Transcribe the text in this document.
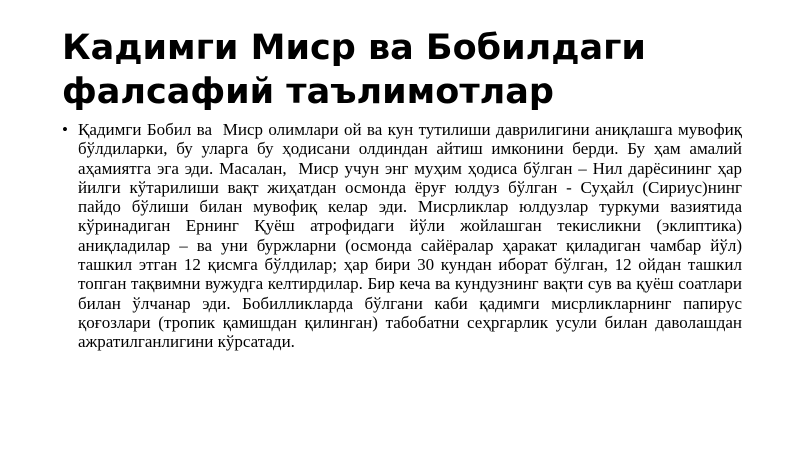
Кадимги Миср ва Бобилдаги
фалсафий таълимотлар
• Қадимги Бобил ва  Миср олимлари ой ва кун тутилиши даврилигини аниқлашга мувофиқ бўлдиларки, бу уларга бу ҳодисани олдиндан айтиш имконини берди. Бу ҳам амалий аҳамиятга эга эди. Масалан,  Миср учун энг муҳим ҳодиса бўлган – Нил дарёсининг ҳар йилги кўтарилиши вақт жиҳатдан осмонда ёруғ юлдуз бўлган - Суҳайл (Сириус)нинг пайдо бўлиши билан мувофиқ келар эди. Мисрликлар юлдузлар туркуми вазиятида кўринадиган Ернинг Қуёш атрофидаги йўли жойлашган текисликни (эклиптика) аниқладилар – ва уни буржларни (осмонда сайёралар ҳаракат қиладиган чамбар йўл) ташкил этган 12 қисмга бўлдилар; ҳар бири 30 кундан иборат бўлган, 12 ойдан ташкил топган тақвимни вужудга келтирдилар. Бир кеча ва кундузнинг вақти сув ва қуёш соатлари билан ўлчанар эди. Бобилликларда бўлгани каби қадимги мисрликларнинг папирус қоғозлари (тропик қамишдан қилинган) табобатни сеҳргарлик усули билан даволашдан ажратилганлигини кўрсатади.
